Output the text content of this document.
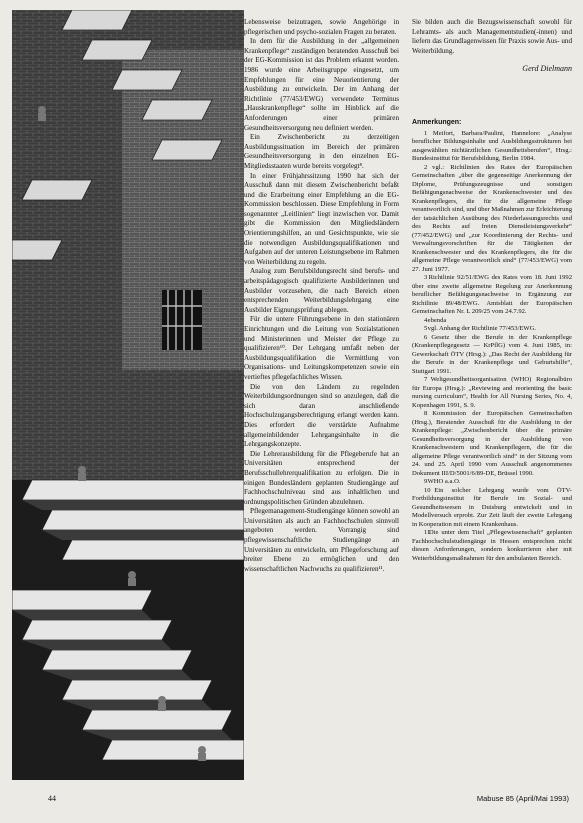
Lebensweise beizutragen, sowie Angehörige in pflegerischen und psycho-sozialen Fragen zu beraten.

In dem für die Ausbildung in der „allgemeinen Krankenpflege“ zuständigen beratenden Ausschuß bei der EG-Kommission ist das Problem erkannt worden. 1986 wurde eine Arbeitsgruppe eingesetzt, um Empfehlungen für eine Neuorientierung der Ausbildung zu entwickeln. Der im Anhang der Richtlinie (77/453/EWG) verwendete Terminus „Hauskrankenpflege“ sollte im Hinblick auf die Anforderungen einer primären Gesundheitsversorgung neu definiert werden.

Ein Zwischenbericht zu derzeitigen Ausbildungssituation im Bereich der primären Gesundheitsversorgung in den einzelnen EG-Mitgliedsstaaten wurde bereits vorgelegt⁸.

In einer Frühjahrssitzung 1990 hat sich der Ausschuß dann mit diesem Zwischenbericht befaßt und die Erarbeitung einer Empfehlung an die EG-Kommission beschlossen. Diese Empfehlung in Form sogenannter „Leitlinien“ liegt inzwischen vor. Damit gibt die Kommission den Mitgliedsländern Orientierungshilfen, an und Gesichtspunkte, wie sie die notwendigen Ausbildungsqualifikationen und Aufgaben auf der unteren Leistungsebene im Rahmen von Weiterbildung zu regeln.

Analog zum Berufsbildungsrecht sind berufs- und arbeitspädagogisch qualifizierte Ausbilderinnen und Ausbilder vorzusehen, die nach Bereich einen entsprechenden Weiterbildungslehrgang eine Ausbilder Eignungsprüfung ablegen.

Für die untere Führungsebene in den stationären Einrichtungen und die Leitung von Sozialstationen und Ministerinnen und Meister der Pflege zu qualifizieren¹⁰. Der Lehrgang umfaßt neben der Ausbildungsqualifikation die Vermittlung von Organisations- und Leitungskompetenzen sowie ein vertieftes pflegefachliches Wissen.

Die von den Ländern zu regelnden Weiterbildungsordnungen sind so anzulegen, daß die sich daran anschließende Hochschulzugangsberechtigung erlangt werden kann. Dies erfordert die verstärkte Aufnahme allgemeinbildender Lehrgangsinhalte in die Lehrgangskonzepte.

Die Lehrerausbildung für die Pflegeberufe hat an Universitäten entsprechend der Berufsschullehrerqualifikation zu erfolgen. Die in einigen Bundesländern geplanten Studiengänge auf Fachhochschulniveau sind aus inhaltlichen und ordnungspolitischen Gründen abzulehnen.

Pflegemanagement-Studiengänge können sowohl an Universitäten als auch an Fachhochschulen sinnvoll angeboten werden. Vorrangig sind pflegewissenschaftliche Studiengänge an Universitäten zu entwickeln, um Pflegeforschung auf breiter Ebene zu ermöglichen und den wissenschaftlichen Nachwuchs zu qualifizieren¹¹.

Sie bilden auch die Bezugswissenschaft sowohl für Lehramts- als auch Managementstudien(-innen) und liefern das Grundlagenwissen für Praxis sowie Aus- und Weiterbildung.

Gerd Dielmann
Anmerkungen:

1 Meifort, Barbara/Paulini, Hannelore: „Analyse beruflicher Bildungsinhalte und Ausbildungsstrukturen bei ausgewählten nichtärztlichen Gesundheitsberufen“, Hrsg.: Bundesinstitut für Berufsbildung, Berlin 1984.

2 vgl.: Richtlinien des Rates der Europäischen Gemeinschaften „über die gegenseitige Anerkennung der Diplome, Prüfungszeugnisse und sonstigen Befähigungsnachweise der Krankenschwester und des Krankenpflegers, die für die allgemeine Pflege verantwortlich sind, und über Maßnahmen zur Erleichterung der tatsächlichen Ausübung des Niederlassungsrechts und des Rechts auf freien Dienstleistungsverkehr“ (77/452/EWG) und „zur Koordinierung der Rechts- und Verwaltungsvorschriften für die Tätigkeiten der Krankenschwester und des Krankenpflegers, die für die allgemeine Pflege verantwortlich sind“ (77/453/EWG) vom 27. Juni 1977.

3 Richtlinie 92/51/EWG des Rates vom 18. Juni 1992 über eine zweite allgemeine Regelung zur Anerkennung beruflicher Befähigungsnachweise in Ergänzung zur Richtlinie 89/48/EWG. Amtsblatt der Europäischen Gemeinschaften Nr. L 209/25 vom 24.7.92.

4 ebenda

5 vgl. Anhang der Richtlinie 77/453/EWG.

6 Gesetz über die Berufe in der Krankenpflege (Krankenpflegegesetz — KrPflG) vom 4. Juni 1985, in: Gewerkschaft ÖTV (Hrsg.): „Das Recht der Ausbildung für die Berufe in der Krankenpflege und Geburtshilfe“, Stuttgart 1991.

7 Weltgesundheitsorganisation (WHO) Regionalbüro für Europa (Hrsg.): „Reviewing and reorienting the basic nursing curriculum“, Health for All Nursing Series, No. 4, Kopenhagen 1991, S. 9.

8 Kommission der Europäischen Gemeinschaften (Hrsg.), Beratender Ausschuß für die Ausbildung in der Krankenpflege: „Zwischenbericht über die primäre Gesundheitsversorgung in der Ausbildung von Krankenschwestern und Krankenpflegern, die für die allgemeine Pflege verantwortlich sind“ in der Sitzung vom 24. und 25. April 1990 vom Ausschuß angenommenes Dokument III/D/5001/6/89-DE, Brüssel 1990.

9 WHO a.a.O.

10 Ein solcher Lehrgang wurde vom ÖTV-Fortbildungsinstitut für Berufe im Sozial- und Gesundheitswesen in Duisburg entwickelt und in Modellversuch erprobt. Zur Zeit läuft der zweite Lehrgang in Kooperation mit einem Krankenhaus.

11 Die unter dem Titel „Pflegewissenschaft“ geplanten Fachhochschulstudiengänge in Hessen entsprechen nicht diesen Anforderungen, sondern konkurrieren eher mit Weiterbildungsmaßnahmen für den ambulanten Bereich.

44	Mabuse 85 (April/Mai 1993)
